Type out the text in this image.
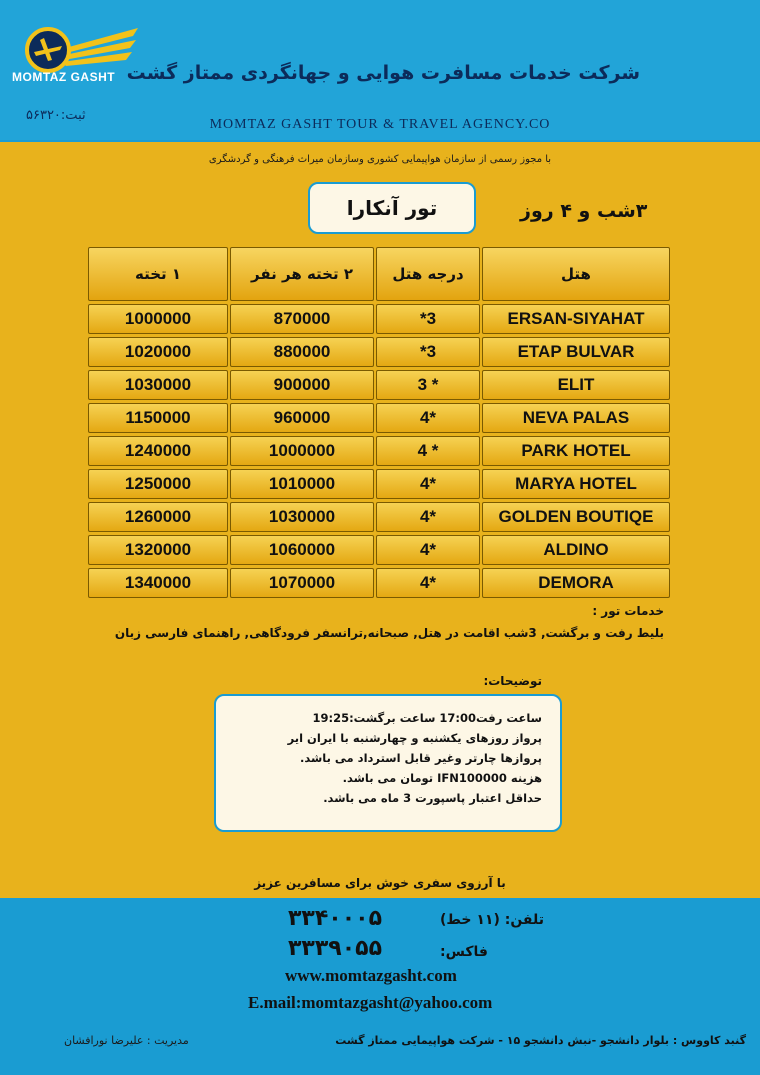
MOMTAZ GASHT شرکت خدمات مسافرت هوایی و جهانگردی ممتاز گشت
ثبت:۵۶۳۲۰
MOMTAZ GASHT TOUR & TRAVEL AGENCY.CO
با مجوز رسمی از سازمان هواپیمایی کشوری وسازمان میراث فرهنگی و گردشگری
تور آنکارا	۳شب و ۴ روز
هتل
درجه هتل
۲ تخته هر نفر
۱ تخته
ERSAN-SIYAHAT
*3
870000
1000000
ETAP BULVAR
*3
880000
1020000
ELIT
3 *
900000
1030000
NEVA PALAS
4*
960000
1150000
PARK HOTEL
4 *
1000000
1240000
MARYA HOTEL
4*
1010000
1250000
GOLDEN BOUTIQE
4*
1030000
1260000
ALDINO
4*
1060000
1320000
DEMORA
4*
1070000
1340000
خدمات تور :
بلیط رفت و برگشت, 3شب اقامت در هتل, صبحانه,ترانسفر فرودگاهی, راهنمای فارسی زبان
توضیحات:
ساعت رفت17:00 ساعت برگشت:19:25
پرواز روزهای یکشنبه و چهارشنبه با ایران ایر
پروازها چارتر وغیر قابل استرداد می باشد.
هزینه IFN100000 تومان می باشد.
حداقل اعتبار پاسپورت 3 ماه می باشد.
با آرزوی سفری خوش برای مسافرین عزیز
تلفن: (۱۱ خط)
۳۳۴۰۰۰۵
فاکس:
۳۳۳۹۰۵۵
www.momtazgasht.com
E.mail:momtazgasht@yahoo.com
مدیریت : علیرضا نورافشان	گنبد کاووس : بلوار دانشجو -نبش دانشجو ۱۵ - شرکت هواپیمایی ممتاز گشت
